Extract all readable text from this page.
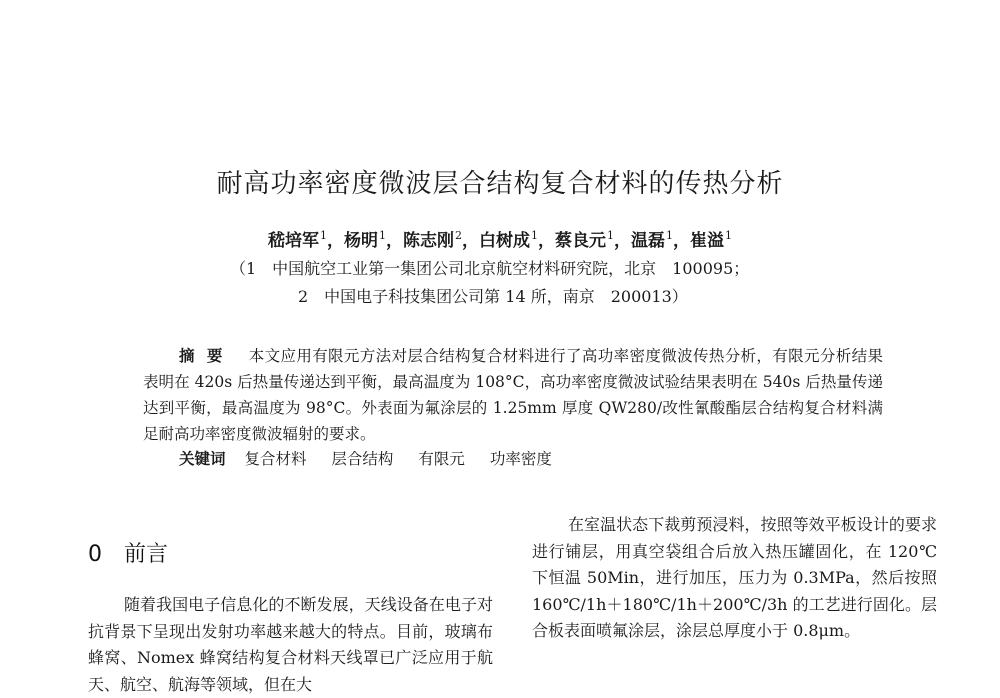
耐高功率密度微波层合结构复合材料的传热分析
嵇培军$^1$，杨明$^1$，陈志刚$^2$，白树成$^1$，蔡良元$^1$，温磊$^1$，崔溢$^1$
（1　中国航空工业第一集团公司北京航空材料研究院，北京　100095；
2　中国电子科技集团公司第 14 所，南京　200013）
摘要 本文应用有限元方法对层合结构复合材料进行了高功率密度微波传热分析，有限元分析结果表明在 420s 后热量传递达到平衡，最高温度为 108°C，高功率密度微波试验结果表明在 540s 后热量传递达到平衡，最高温度为 98°C。外表面为氟涂层的 1.25mm 厚度 QW280/改性氰酸酯层合结构复合材料满足耐高功率密度微波辐射的要求。
关键词 复合材料 层合结构 有限元 功率密度
0 前言
随着我国电子信息化的不断发展，天线设备在电子对抗背景下呈现出发射功率越来越大的特点。目前，玻璃布蜂窝、Nomex 蜂窝结构复合材料天线罩已广泛应用于航天、航空、航海等领域，但在大
在室温状态下裁剪预浸料，按照等效平板设计的要求进行铺层，用真空袋组合后放入热压罐固化，在 120℃下恒温 50Min，进行加压，压力为 0.3MPa，然后按照 160℃/1h＋180℃/1h＋200℃/3h 的工艺进行固化。层合板表面喷氟涂层，涂层总厚度小于 0.8μm。
